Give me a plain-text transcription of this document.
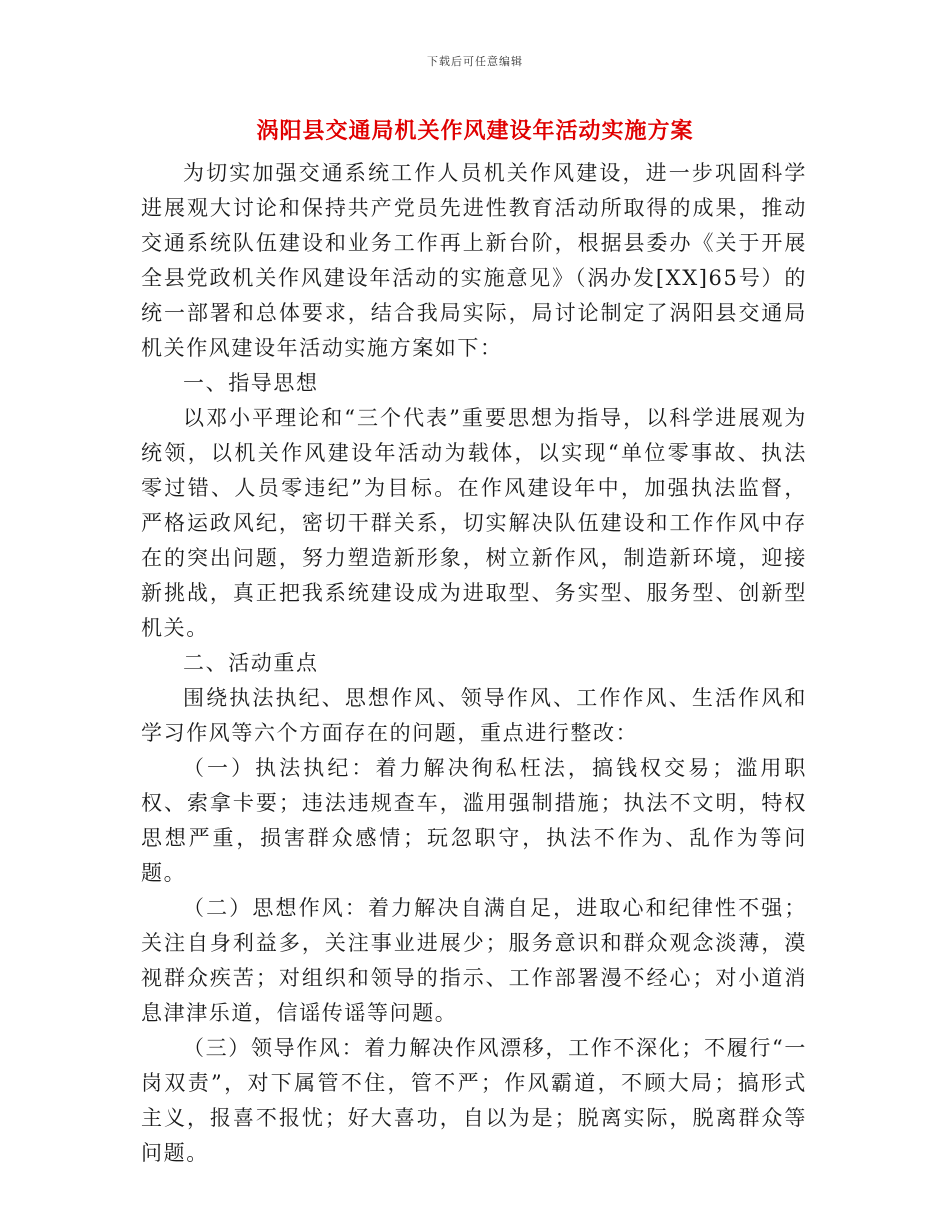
下载后可任意编辑
涡阳县交通局机关作风建设年活动实施方案

为切实加强交通系统工作人员机关作风建设，进一步巩固科学进展观大讨论和保持共产党员先进性教育活动所取得的成果，推动交通系统队伍建设和业务工作再上新台阶，根据县委办《关于开展全县党政机关作风建设年活动的实施意见》（涡办发[XX]65号）的统一部署和总体要求，结合我局实际，局讨论制定了涡阳县交通局机关作风建设年活动实施方案如下：

一、指导思想

以邓小平理论和“三个代表”重要思想为指导，以科学进展观为统领，以机关作风建设年活动为载体，以实现“单位零事故、执法零过错、人员零违纪”为目标。在作风建设年中，加强执法监督，严格运政风纪，密切干群关系，切实解决队伍建设和工作作风中存在的突出问题，努力塑造新形象，树立新作风，制造新环境，迎接新挑战，真正把我系统建设成为进取型、务实型、服务型、创新型机关。

二、活动重点

围绕执法执纪、思想作风、领导作风、工作作风、生活作风和学习作风等六个方面存在的问题，重点进行整改：

（一）执法执纪：着力解决徇私枉法，搞钱权交易；滥用职权、索拿卡要；违法违规查车，滥用强制措施；执法不文明，特权思想严重，损害群众感情；玩忽职守，执法不作为、乱作为等问题。

（二）思想作风：着力解决自满自足，进取心和纪律性不强；关注自身利益多，关注事业进展少；服务意识和群众观念淡薄，漠视群众疾苦；对组织和领导的指示、工作部署漫不经心；对小道消息津津乐道，信谣传谣等问题。

（三）领导作风：着力解决作风漂移，工作不深化；不履行“一岗双责”，对下属管不住，管不严；作风霸道，不顾大局；搞形式主义，报喜不报忧；好大喜功，自以为是；脱离实际，脱离群众等问题。
